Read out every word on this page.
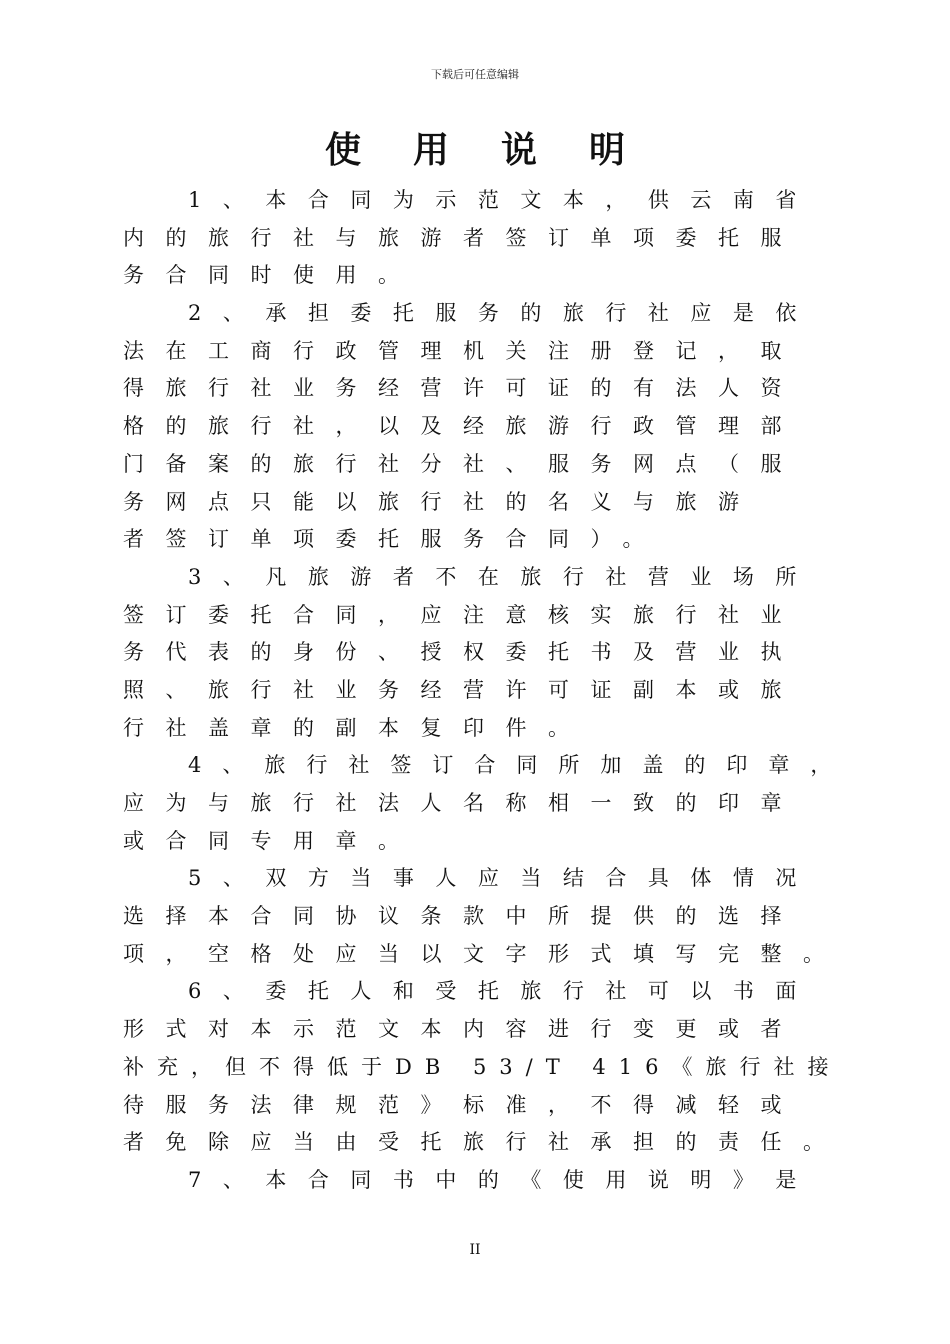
下载后可任意编辑
使用说明
1、本合同为示范文本，供云南省
内的旅行社与旅游者签订单项委托服
务合同时使用。
2、承担委托服务的旅行社应是依
法在工商行政管理机关注册登记，取
得旅行社业务经营许可证的有法人资
格的旅行社，以及经旅游行政管理部
门备案的旅行社分社、服务网点（服
务网点只能以旅行社的名义与旅游
者签订单项委托服务合同）。
3、凡旅游者不在旅行社营业场所
签订委托合同，应注意核实旅行社业
务代表的身份、授权委托书及营业执
照、旅行社业务经营许可证副本或旅
行社盖章的副本复印件。
4、旅行社签订合同所加盖的印章，
应为与旅行社法人名称相一致的印章
或合同专用章。
5、双方当事人应当结合具体情况
选择本合同协议条款中所提供的选择
项，空格处应当以文字形式填写完整。
6、委托人和受托旅行社可以书面
形式对本示范文本内容进行变更或者
补充，但不得低于DB 53/T 416《旅行社接
待服务法律规范》标准，不得减轻或
者免除应当由受托旅行社承担的责任。
7、本合同书中的《使用说明》是
II
